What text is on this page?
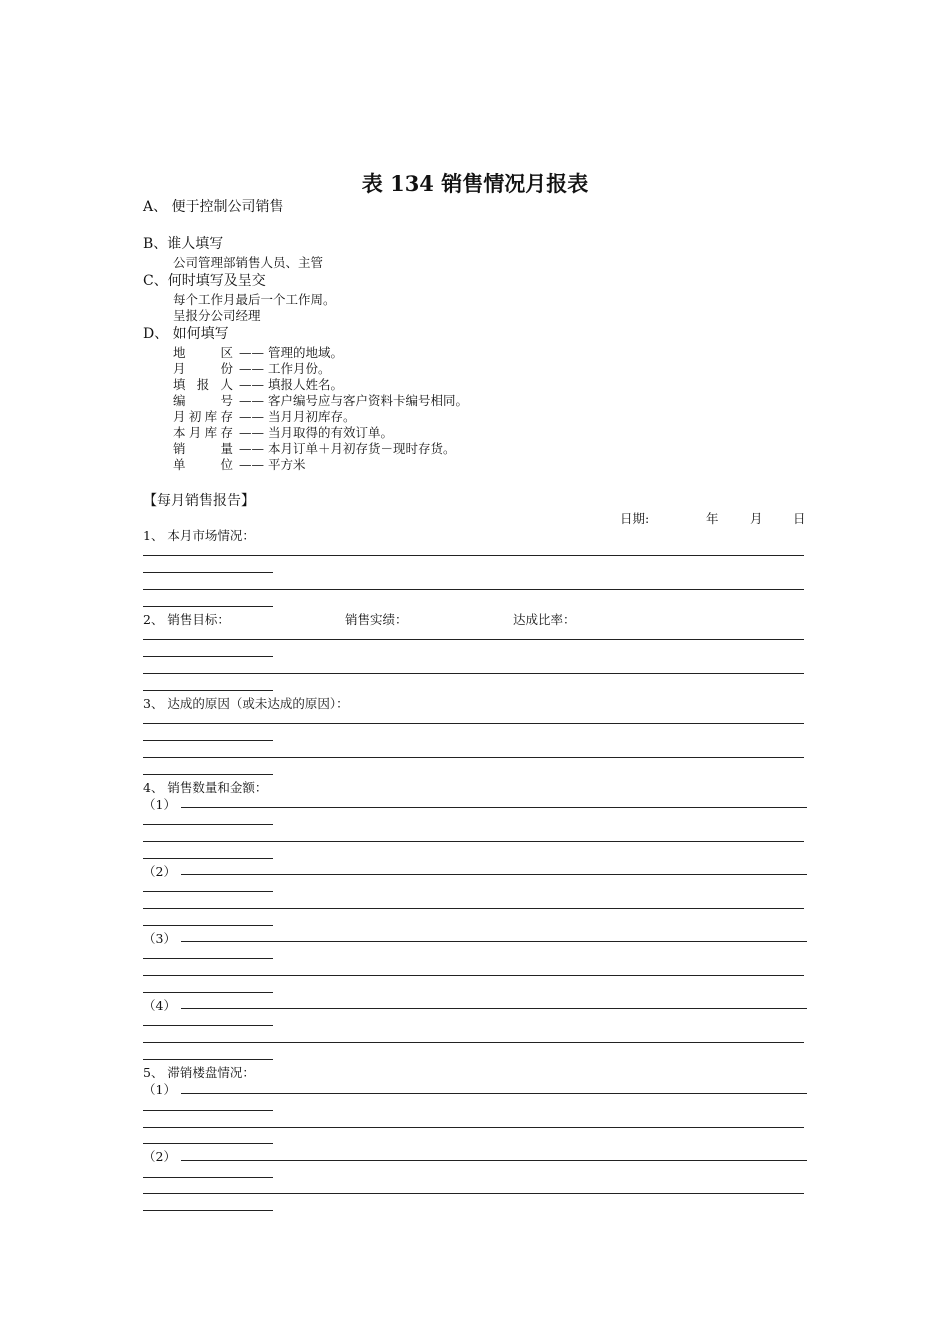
表 134 销售情况月报表
A、 便于控制公司销售
B、谁人填写
公司管理部销售人员、主管
C、何时填写及呈交
每个工作月最后一个工作周。
呈报分公司经理
D、 如何填写
地区 —— 管理的地域。
月份 —— 工作月份。
填报人 —— 填报人姓名。
编号 —— 客户编号应与客户资料卡编号相同。
月初库存 —— 当月月初库存。
本月库存 —— 当月取得的有效订单。
销量 —— 本月订单＋月初存货－现时存货。
单位 —— 平方米
【每月销售报告】
日期:	年	月 日
1、 本月市场情况：
2、 销售目标：	销售实绩：	达成比率：
3、 达成的原因（或未达成的原因）：
4、 销售数量和金额：
（1）
（2）
（3）
（4）
5、 滞销楼盘情况：
（1）
（2）
